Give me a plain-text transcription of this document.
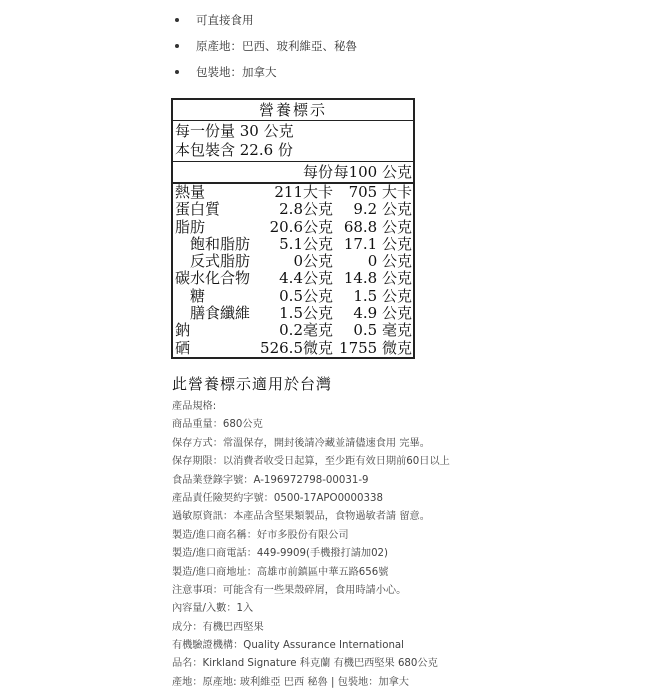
可直接食用
原產地：巴西、玻利維亞、秘魯
包裝地：加拿大
營養標示
每一份量 30 公克
本包裝含 22.6 份
每份 每100 公克
熱量	211大卡 705 大卡
蛋白質	2.8公克 9.2 公克
脂肪	20.6公克 68.8 公克
飽和脂肪 5.1公克 17.1 公克
反式脂肪	0公克 0 公克
碳水化合物 4.4公克 14.8 公克
糖	0.5公克 1.5 公克
膳食纖維 1.5公克 4.9 公克
鈉	0.2毫克 0.5 毫克
硒	526.5微克 1755 微克
此營養標示適用於台灣
產品規格:
商品重量：680公克
保存方式：常溫保存，開封後請冷藏並請儘速食用 完畢。
保存期限：以消費者收受日起算，至少距有效日期前60日以上
食品業登錄字號：A-196972798-00031-9
產品責任險契約字號：0500-17APO0000338
過敏原資訊：本產品含堅果類製品，食物過敏者請 留意。
製造/進口商名稱：好市多股份有限公司
製造/進口商電話：449-9909(手機撥打請加02)
製造/進口商地址：高雄市前鎮區中華五路656號
注意事項：可能含有一些果殼碎屑，食用時請小心。
內容量/入數：1入
成分：有機巴西堅果
有機驗證機構：Quality Assurance International
品名：Kirkland Signature 科克蘭 有機巴西堅果 680公克
產地：原產地: 玻利維亞 巴西 秘魯 | 包裝地：加拿大
